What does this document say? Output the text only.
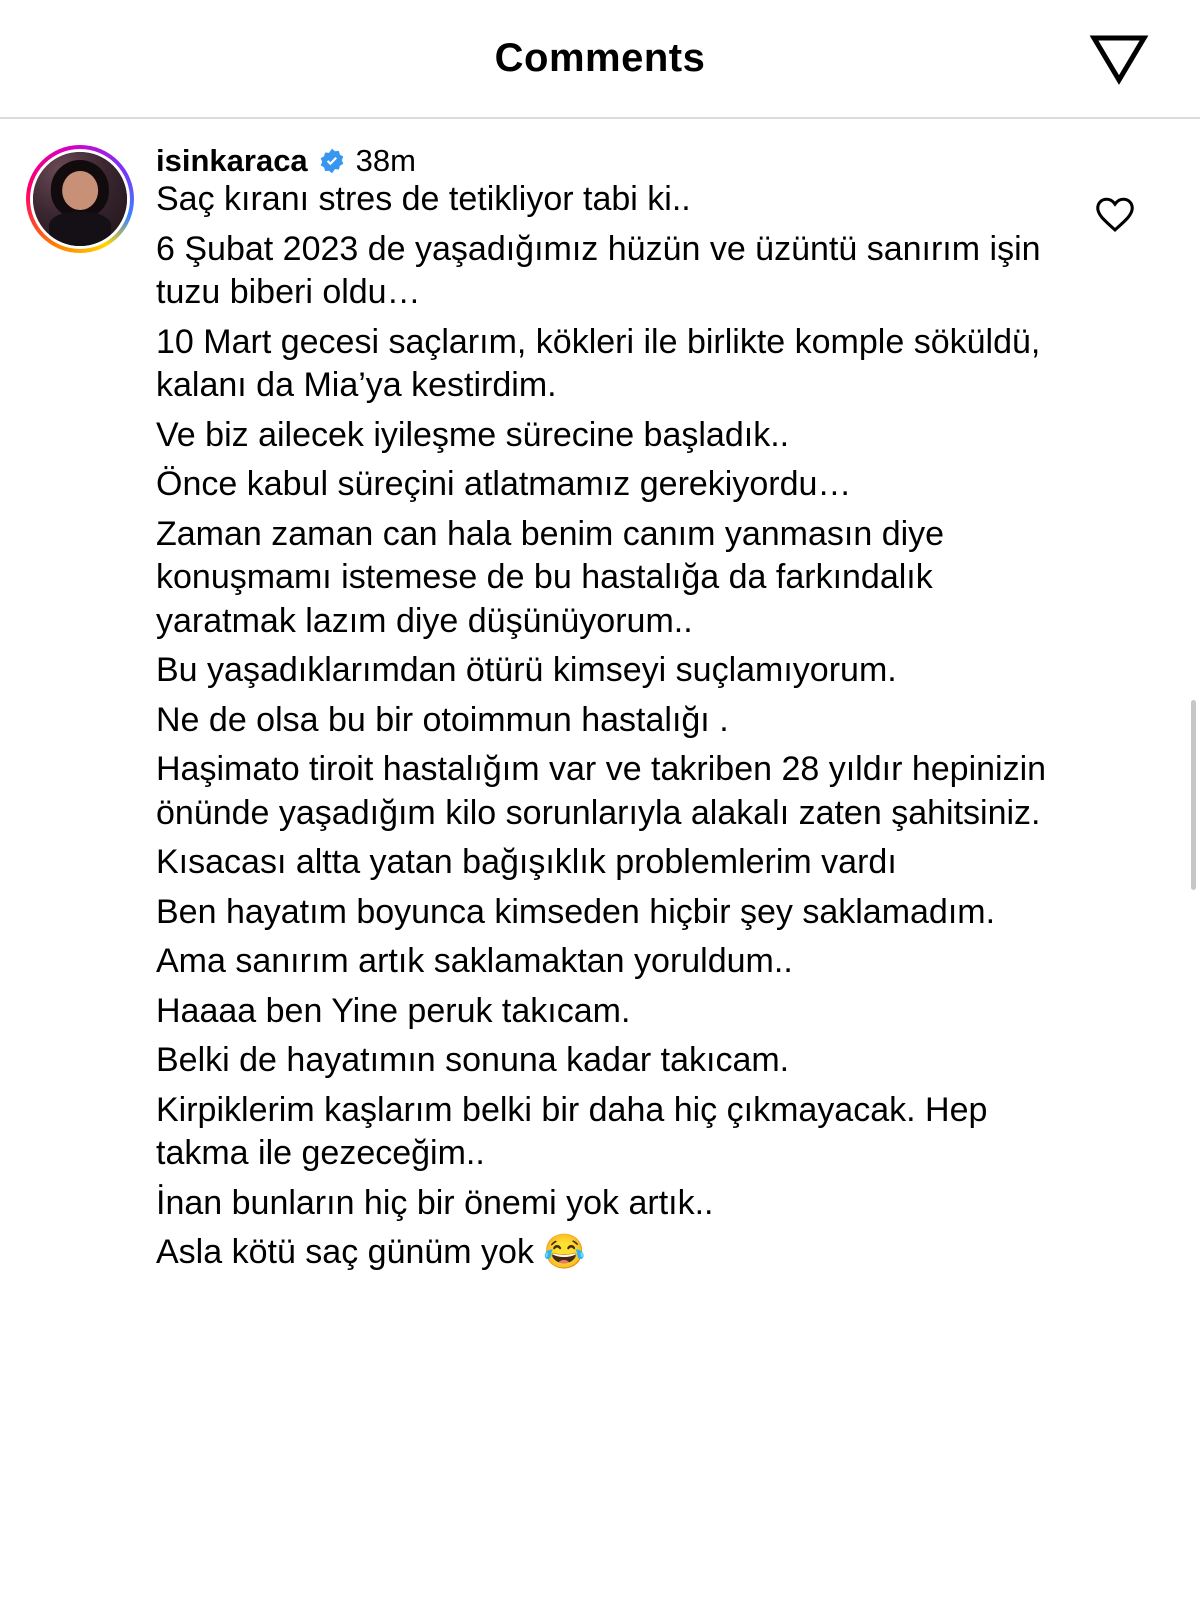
Comments
isinkaraca 38m

Saç kıranı stres de tetikliyor tabi ki..

6 Şubat 2023 de yaşadığımız hüzün ve üzüntü sanırım işin tuzu biberi oldu…

10 Mart gecesi saçlarım, kökleri ile birlikte komple söküldü, kalanı da Mia’ya kestirdim.

Ve biz ailecek iyileşme sürecine başladık..

Önce kabul süreçini atlatmamız gerekiyordu…

Zaman zaman can hala benim canım yanmasın diye konuşmamı istemese de bu hastalığa da farkındalık yaratmak lazım diye düşünüyorum..

Bu yaşadıklarımdan ötürü kimseyi suçlamıyorum.

Ne de olsa bu bir otoimmun hastalığı .

Haşimato tiroit hastalığım var ve takriben 28 yıldır hepinizin önünde yaşadığım kilo sorunlarıyla alakalı zaten şahitsiniz.

Kısacası altta yatan bağışıklık problemlerim vardı

Ben hayatım boyunca kimseden hiçbir şey saklamadım.

Ama sanırım artık saklamaktan yoruldum..

Haaaa ben Yine peruk takıcam.

Belki de hayatımın sonuna kadar takıcam.

Kirpiklerim kaşlarım belki bir daha hiç çıkmayacak. Hep takma ile gezeceğim..

İnan bunların hiç bir önemi yok artık..

Asla kötü saç günüm yok 😂
